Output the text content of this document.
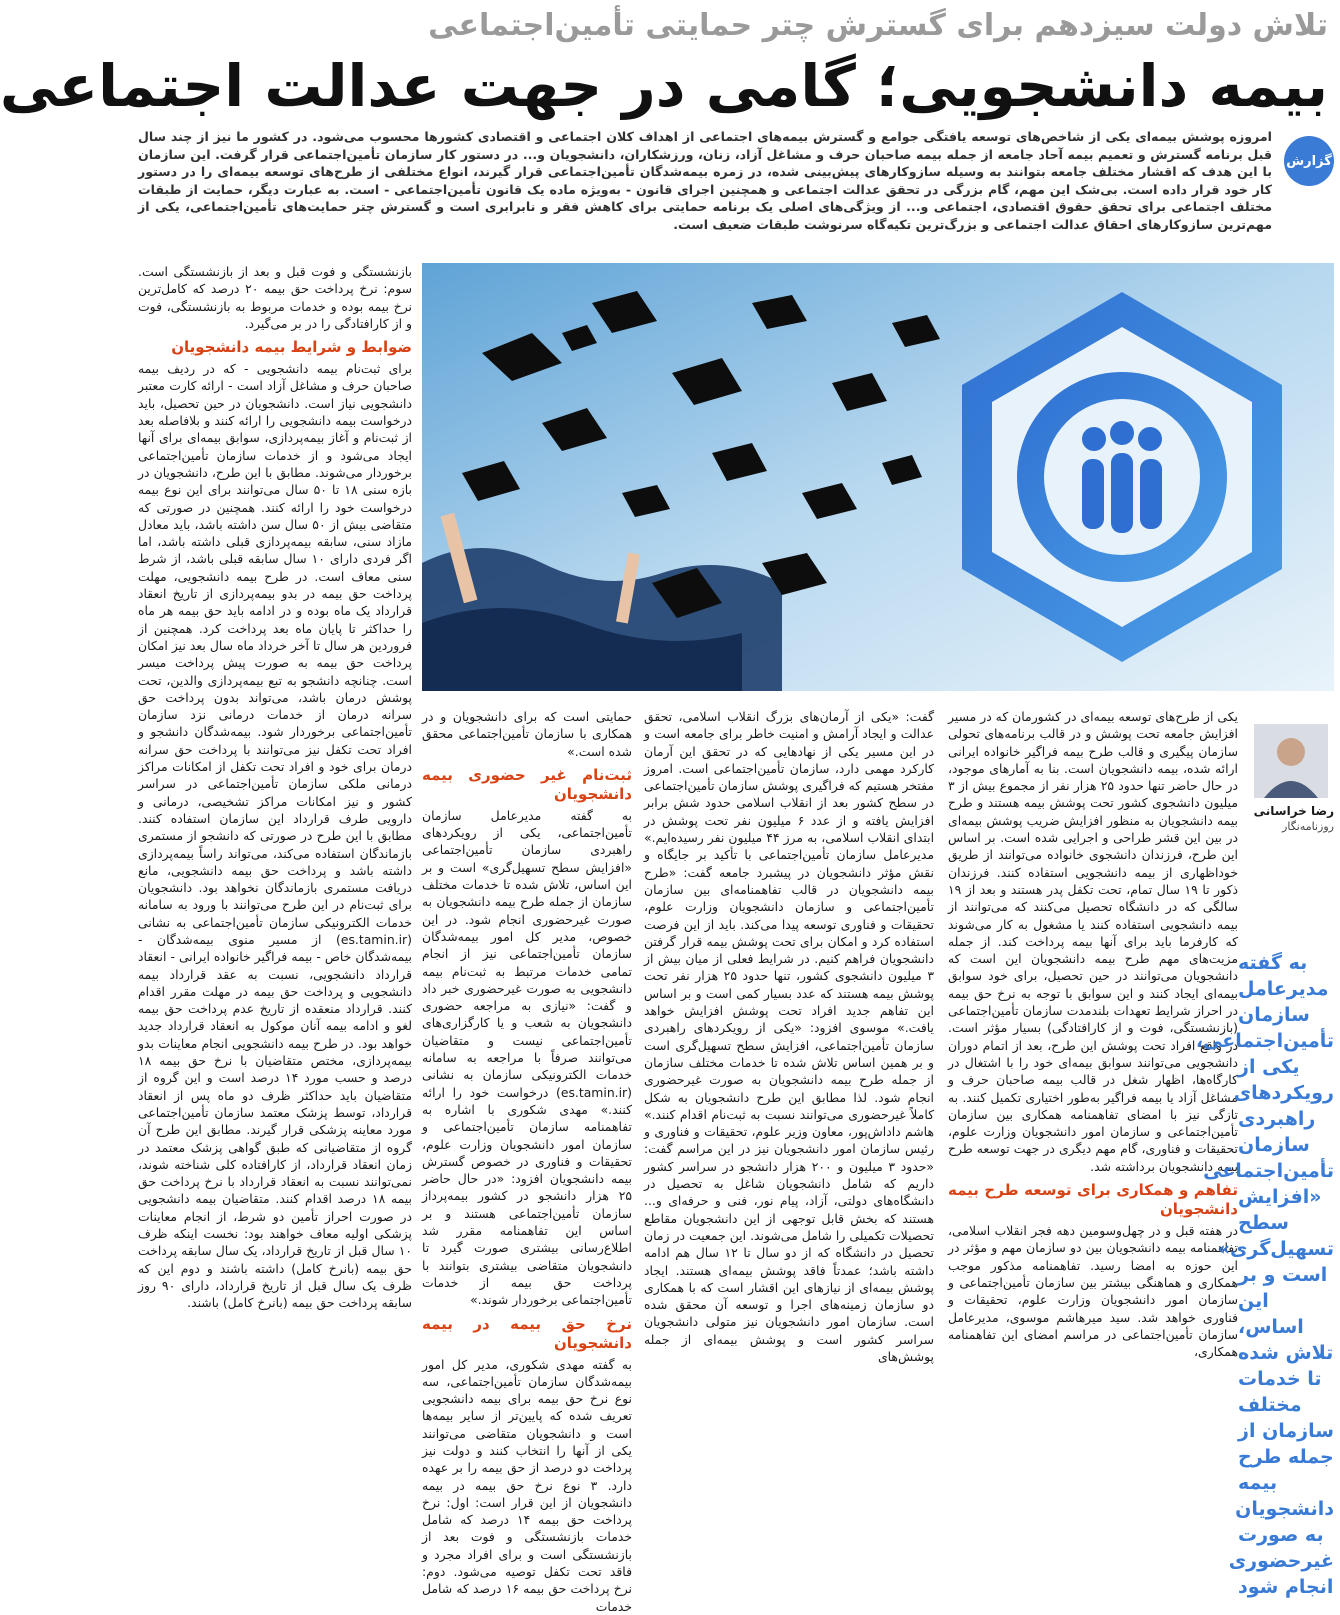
تلاش دولت سیزدهم برای گسترش چتر حمایتی تأمین‌اجتماعی
بیمه دانشجویی؛ گامی در جهت عدالت اجتماعی
گزارش

امروزه پوشش بیمه‌ای یکی از شاخص‌های توسعه یافتگی جوامع و گسترش بیمه‌های اجتماعی از اهداف کلان اجتماعی و اقتصادی کشورها محسوب می‌شود. در کشور ما نیز از چند سال قبل برنامه گسترش و تعمیم بیمه آحاد جامعه از جمله بیمه صاحبان حرف و مشاغل آزاد، زنان، ورزشکاران، دانشجویان و... در دستور کار سازمان تأمین‌اجتماعی قرار گرفت. این سازمان با این هدف که اقشار مختلف جامعه بتوانند به وسیله سازوکارهای پیش‌بینی شده، در زمره بیمه‌شدگان تأمین‌اجتماعی قرار گیرند، انواع مختلفی از طرح‌های توسعه بیمه‌ای را در دستور کار خود قرار داده است. بی‌شک این مهم، گام بزرگی در تحقق عدالت اجتماعی و همچنین اجرای قانون - به‌ویژه ماده یک قانون تأمین‌اجتماعی - است. به عبارت دیگر، حمایت از طبقات مختلف اجتماعی برای تحقق حقوق اقتصادی، اجتماعی و... از ویژگی‌های اصلی یک برنامه حمایتی برای کاهش فقر و نابرابری است و گسترش چتر حمایت‌های تأمین‌اجتماعی، یکی از مهم‌ترین سازوکارهای احقاق عدالت اجتماعی و بزرگ‌ترین تکیه‌گاه سرنوشت طبقات ضعیف است.

بازنشستگی و فوت قبل و بعد از بازنشستگی است. سوم: نرخ پرداخت حق بیمه ۲۰ درصد که کامل‌ترین نرخ بیمه بوده و خدمات مربوط به بازنشستگی، فوت و از کارافتادگی را در بر می‌گیرد.

ضوابط و شرایط بیمه دانشجویان

برای ثبت‌نام بیمه دانشجویی - که در ردیف بیمه صاحبان حرف و مشاغل آزاد است - ارائه کارت معتبر دانشجویی نیاز است. دانشجویان در حین تحصیل، باید درخواست بیمه دانشجویی را ارائه کنند و بلافاصله بعد از ثبت‌نام و آغاز بیمه‌پردازی، سوابق بیمه‌ای برای آنها ایجاد می‌شود و از خدمات سازمان تأمین‌اجتماعی برخوردار می‌شوند. مطابق با این طرح، دانشجویان در بازه سنی ۱۸ تا ۵۰ سال می‌توانند برای این نوع بیمه درخواست خود را ارائه کنند. همچنین در صورتی که متقاضی بیش از ۵۰ سال سن داشته باشد، باید معادل مازاد سنی، سابقه بیمه‌پردازی قبلی داشته باشد، اما اگر فردی دارای ۱۰ سال سابقه قبلی باشد، از شرط سنی معاف است. در طرح بیمه دانشجویی، مهلت پرداخت حق بیمه در بدو بیمه‌پردازی از تاریخ انعقاد قرارداد یک ماه بوده و در ادامه باید حق بیمه هر ماه را حداکثر تا پایان ماه بعد پرداخت کرد. همچنین از فروردین هر سال تا آخر خرداد ماه سال بعد نیز امکان پرداخت حق بیمه به صورت پیش پرداخت میسر است. چنانچه دانشجو به تبع بیمه‌پردازی والدین، تحت پوشش درمان باشد، می‌تواند بدون پرداخت حق سرانه درمان از خدمات درمانی نزد سازمان تأمین‌اجتماعی برخوردار شود. بیمه‌شدگان دانشجو و افراد تحت تکفل نیز می‌توانند با پرداخت حق سرانه درمان برای خود و افراد تحت تکفل از امکانات مراکز درمانی ملکی سازمان تأمین‌اجتماعی در سراسر کشور و نیز امکانات مراکز تشخیصی، درمانی و دارویی طرف قرارداد این سازمان استفاده کنند. مطابق با این طرح در صورتی که دانشجو از مستمری بازماندگان استفاده می‌کند، می‌تواند راساً بیمه‌پردازی داشته باشد و پرداخت حق بیمه دانشجویی، مانع دریافت مستمری بازماندگان نخواهد بود. دانشجویان برای ثبت‌نام در این طرح می‌توانند با ورود به سامانه خدمات الکترونیکی سازمان تأمین‌اجتماعی به نشانی (es.tamin.ir) از مسیر منوی بیمه‌شدگان - بیمه‌شدگان خاص - بیمه فراگیر خانواده ایرانی - انعقاد قرارداد دانشجویی، نسبت به عقد قرارداد بیمه دانشجویی و پرداخت حق بیمه در مهلت مقرر اقدام کنند. قرارداد منعقده از تاریخ عدم پرداخت حق بیمه لغو و ادامه بیمه آنان موکول به انعقاد قرارداد جدید خواهد بود. در طرح بیمه دانشجویی انجام معاینات بدو بیمه‌پردازی، مختص متقاضیان با نرخ حق بیمه ۱۸ درصد و حسب مورد ۱۴ درصد است و این گروه از متقاضیان باید حداکثر ظرف دو ماه پس از انعقاد قرارداد، توسط پزشک معتمد سازمان تأمین‌اجتماعی مورد معاینه پزشکی قرار گیرند. مطابق این طرح آن گروه از متقاضیانی که طبق گواهی پزشک معتمد در زمان انعقاد قرارداد، از کارافتاده کلی شناخته شوند، نمی‌توانند نسبت به انعقاد قرارداد با نرخ پرداخت حق بیمه ۱۸ درصد اقدام کنند. متقاضیان بیمه دانشجویی در صورت احراز تأمین دو شرط، از انجام معاینات پزشکی اولیه معاف خواهند بود: نخست اینکه ظرف ۱۰ سال قبل از تاریخ قرارداد، یک سال سابقه پرداخت حق بیمه (بانرخ کامل) داشته باشند و دوم این که ظرف یک سال قبل از تاریخ قرارداد، دارای ۹۰ روز سابقه پرداخت حق بیمه (بانرخ کامل) باشند.

حمایتی است که برای دانشجویان و در همکاری با سازمان تأمین‌اجتماعی محقق شده است.»

ثبت‌نام غیر حضوری بیمه دانشجویان

به گفته مدیرعامل سازمان تأمین‌اجتماعی، یکی از رویکردهای راهبردی سازمان تأمین‌اجتماعی «افزایش سطح تسهیل‌گری» است و بر این اساس، تلاش شده تا خدمات مختلف سازمان از جمله طرح بیمه دانشجویان به صورت غیرحضوری انجام شود. در این خصوص، مدیر کل امور بیمه‌شدگان سازمان تأمین‌اجتماعی نیز از انجام تمامی خدمات مرتبط به ثبت‌نام بیمه دانشجویی به صورت غیرحضوری خبر داد و گفت: «نیازی به مراجعه حضوری دانشجویان به شعب و یا کارگزاری‌های تأمین‌اجتماعی نیست و متقاضیان می‌توانند صرفاً با مراجعه به سامانه خدمات الکترونیکی سازمان به نشانی (es.tamin.ir) درخواست خود را ارائه کنند.» مهدی شکوری با اشاره به تفاهمنامه سازمان تأمین‌اجتماعی و سازمان امور دانشجویان وزارت علوم، تحقیقات و فناوری در خصوص گسترش بیمه دانشجویان افزود: «در حال حاضر ۲۵ هزار دانشجو در کشور بیمه‌پرداز سازمان تأمین‌اجتماعی هستند و بر اساس این تفاهمنامه مقرر شد اطلاع‌رسانی بیشتری صورت گیرد تا دانشجویان متقاضی بیشتری بتوانند با پرداخت حق بیمه از خدمات تأمین‌اجتماعی برخوردار شوند.»

نرخ حق بیمه در بیمه دانشجویان

به گفته مهدی شکوری، مدیر کل امور بیمه‌شدگان سازمان تأمین‌اجتماعی، سه نوع نرخ حق بیمه برای بیمه دانشجویی تعریف شده که پایین‌تر از سایر بیمه‌ها است و دانشجویان متقاضی می‌توانند یکی از آنها را انتخاب کنند و دولت نیز پرداخت دو درصد از حق بیمه را بر عهده دارد. ۳ نوع نرخ حق بیمه در بیمه دانشجویان از این قرار است: اول: نرخ پرداخت حق بیمه ۱۴ درصد که شامل خدمات بازنشستگی و فوت بعد از بازنشستگی است و برای افراد مجرد و فاقد تحت تکفل توصیه می‌شود. دوم: نرخ پرداخت حق بیمه ۱۶ درصد که شامل خدمات

گفت: «یکی از آرمان‌های بزرگ انقلاب اسلامی، تحقق عدالت و ایجاد آرامش و امنیت خاطر برای جامعه است و در این مسیر یکی از نهادهایی که در تحقق این آرمان کارکرد مهمی دارد، سازمان تأمین‌اجتماعی است. امروز مفتخر هستیم که فراگیری پوشش سازمان تأمین‌اجتماعی در سطح کشور بعد از انقلاب اسلامی حدود شش برابر افزایش یافته و از عدد ۶ میلیون نفر تحت پوشش در ابتدای انقلاب اسلامی، به مرز ۴۴ میلیون نفر رسیده‌ایم.» مدیرعامل سازمان تأمین‌اجتماعی با تأکید بر جایگاه و نقش مؤثر دانشجویان در پیشبرد جامعه گفت: «طرح بیمه دانشجویان در قالب تفاهمنامه‌ای بین سازمان تأمین‌اجتماعی و سازمان دانشجویان وزارت علوم، تحقیقات و فناوری توسعه پیدا می‌کند. باید از این فرصت استفاده کرد و امکان برای تحت پوشش بیمه قرار گرفتن دانشجویان فراهم کنیم. در شرایط فعلی از میان بیش از ۳ میلیون دانشجوی کشور، تنها حدود ۲۵ هزار نفر تحت پوشش بیمه هستند که عدد بسیار کمی است و بر اساس این تفاهم جدید افراد تحت پوشش افزایش خواهد یافت.» موسوی افزود: «یکی از رویکردهای راهبردی سازمان تأمین‌اجتماعی، افزایش سطح تسهیل‌گری است و بر همین اساس تلاش شده تا خدمات مختلف سازمان از جمله طرح بیمه دانشجویان به صورت غیرحضوری انجام شود. لذا مطابق این طرح دانشجویان به شکل کاملاً غیرحضوری می‌توانند نسبت به ثبت‌نام اقدام کنند.» هاشم داداش‌پور، معاون وزیر علوم، تحقیقات و فناوری و رئیس سازمان امور دانشجویان نیز در این مراسم گفت: «حدود ۳ میلیون و ۲۰۰ هزار دانشجو در سراسر کشور داریم که شامل دانشجویان شاغل به تحصیل در دانشگاه‌های دولتی، آزاد، پیام نور، فنی و حرفه‌ای و... هستند که بخش قابل توجهی از این دانشجویان مقاطع تحصیلات تکمیلی را شامل می‌شوند. این جمعیت در زمان تحصیل در دانشگاه که از دو سال تا ۱۲ سال هم ادامه داشته باشد؛ عمدتاً فاقد پوشش بیمه‌ای هستند. ایجاد پوشش بیمه‌ای از نیازهای این اقشار است که با همکاری دو سازمان زمینه‌های اجرا و توسعه آن محقق شده است. سازمان امور دانشجویان نیز متولی دانشجویان سراسر کشور است و پوشش بیمه‌ای از جمله پوشش‌های

یکی از طرح‌های توسعه بیمه‌ای در کشورمان که در مسیر افزایش جامعه تحت پوشش و در قالب برنامه‌های تحولی سازمان پیگیری و قالب طرح بیمه فراگیر خانواده ایرانی ارائه شده، بیمه دانشجویان است. بنا به آمارهای موجود، در حال حاضر تنها حدود ۲۵ هزار نفر از مجموع بیش از ۳ میلیون دانشجوی کشور تحت پوشش بیمه هستند و طرح بیمه دانشجویان به منظور افزایش ضریب پوشش بیمه‌ای در بین این قشر طراحی و اجرایی شده است. بر اساس این طرح، فرزندان دانشجوی خانواده می‌توانند از طریق خوداظهاری از بیمه دانشجویی استفاده کنند. فرزندان ذکور تا ۱۹ سال تمام، تحت تکفل پدر هستند و بعد از ۱۹ سالگی که در دانشگاه تحصیل می‌کنند که می‌توانند از بیمه دانشجویی استفاده کنند یا مشغول به کار می‌شوند که کارفرما باید برای آنها بیمه پرداخت کند. از جمله مزیت‌های مهم طرح بیمه دانشجویان این است که دانشجویان می‌توانند در حین تحصیل، برای خود سوابق بیمه‌ای ایجاد کنند و این سوابق با توجه به نرخ حق بیمه در احراز شرایط تعهدات بلندمدت سازمان تأمین‌اجتماعی (بازنشستگی، فوت و از کارافتادگی) بسیار مؤثر است. در واقع افراد تحت پوشش این طرح، بعد از اتمام دوران دانشجویی می‌توانند سوابق بیمه‌ای خود را با اشتغال در کارگاه‌ها، اظهار شغل در قالب بیمه صاحبان حرف و مشاغل آزاد یا بیمه فراگیر به‌طور اختیاری تکمیل کنند. به تازگی نیز با امضای تفاهمنامه همکاری بین سازمان تأمین‌اجتماعی و سازمان امور دانشجویان وزارت علوم، تحقیقات و فناوری، گام مهم دیگری در جهت توسعه طرح بیمه دانشجویان برداشته شد.

تفاهم و همکاری برای توسعه طرح بیمه دانشجویان

در هفته قبل و در چهل‌وسومین دهه فجر انقلاب اسلامی، تفاهمنامه بیمه دانشجویان بین دو سازمان مهم و مؤثر در این حوزه به امضا رسید. تفاهمنامه مذکور موجب همکاری و هماهنگی بیشتر بین سازمان تأمین‌اجتماعی و سازمان امور دانشجویان وزارت علوم، تحقیقات و فناوری خواهد شد. سید میرهاشم موسوی، مدیرعامل سازمان تأمین‌اجتماعی در مراسم امضای این تفاهمنامه همکاری،

رضا خراسانی
روزنامه‌نگار
به گفته مدیرعامل سازمان تأمین‌اجتماعی، یکی از رویکردهای راهبردی سازمان تأمین‌اجتماعی «افزایش سطح تسهیل‌گری» است و بر این اساس، تلاش شده تا خدمات مختلف سازمان از جمله طرح بیمه دانشجویان به صورت غیرحضوری انجام شود
